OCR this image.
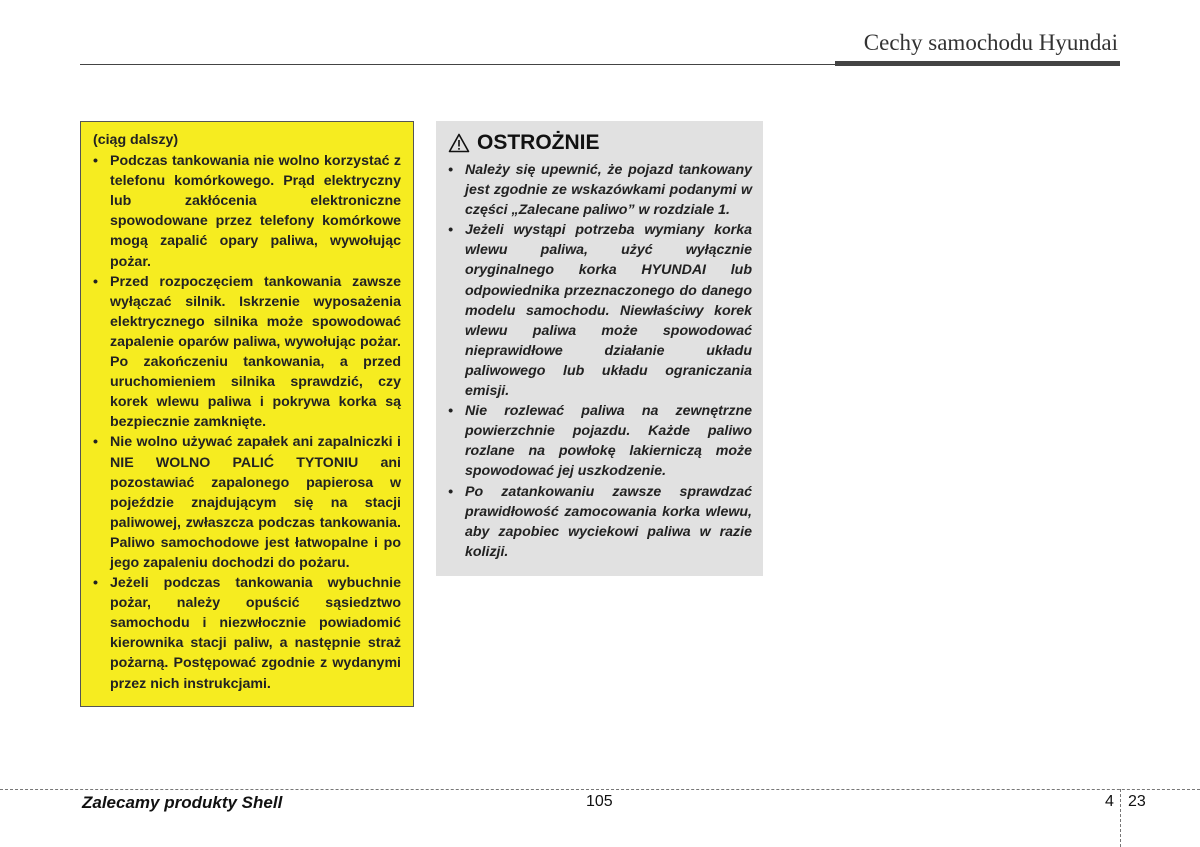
Cechy samochodu Hyundai
(ciąg dalszy)
• Podczas tankowania nie wolno korzystać z telefonu komórkowego. Prąd elektryczny lub zakłócenia elektroniczne spowodowane przez telefony komórkowe mogą zapalić opary paliwa, wywołując pożar.
• Przed rozpoczęciem tankowania zawsze wyłączać silnik. Iskrzenie wyposażenia elektrycznego silnika może spowodować zapalenie oparów paliwa, wywołując pożar. Po zakończeniu tankowania, a przed uruchomieniem silnika sprawdzić, czy korek wlewu paliwa i pokrywa korka są bezpiecznie zamknięte.
• Nie wolno używać zapałek ani zapalniczki i NIE WOLNO PALIĆ TYTONIU ani pozostawiać zapalonego papierosa w pojeździe znajdującym się na stacji paliwowej, zwłaszcza podczas tankowania. Paliwo samochodowe jest łatwopalne i po jego zapaleniu dochodzi do pożaru.
• Jeżeli podczas tankowania wybuchnie pożar, należy opuścić sąsiedztwo samochodu i niezwłocznie powiadomić kierownika stacji paliw, a następnie straż pożarną. Postępować zgodnie z wydanymi przez nich instrukcjami.
OSTROŻNIE
• Należy się upewnić, że pojazd tankowany jest zgodnie ze wskazówkami podanymi w części „Zalecane paliwo” w rozdziale 1.
• Jeżeli wystąpi potrzeba wymiany korka wlewu paliwa, użyć wyłącznie oryginalnego korka HYUNDAI lub odpowiednika przeznaczonego do danego modelu samochodu. Niewłaściwy korek wlewu paliwa może spowodować nieprawidłowe działanie układu paliwowego lub układu ograniczania emisji.
• Nie rozlewać paliwa na zewnętrzne powierzchnie pojazdu. Każde paliwo rozlane na powłokę lakierniczą może spowodować jej uszkodzenie.
• Po zatankowaniu zawsze sprawdzać prawidłowość zamocowania korka wlewu, aby zapobiec wyciekowi paliwa w razie kolizji.
Zalecamy produkty Shell	105	4 23
